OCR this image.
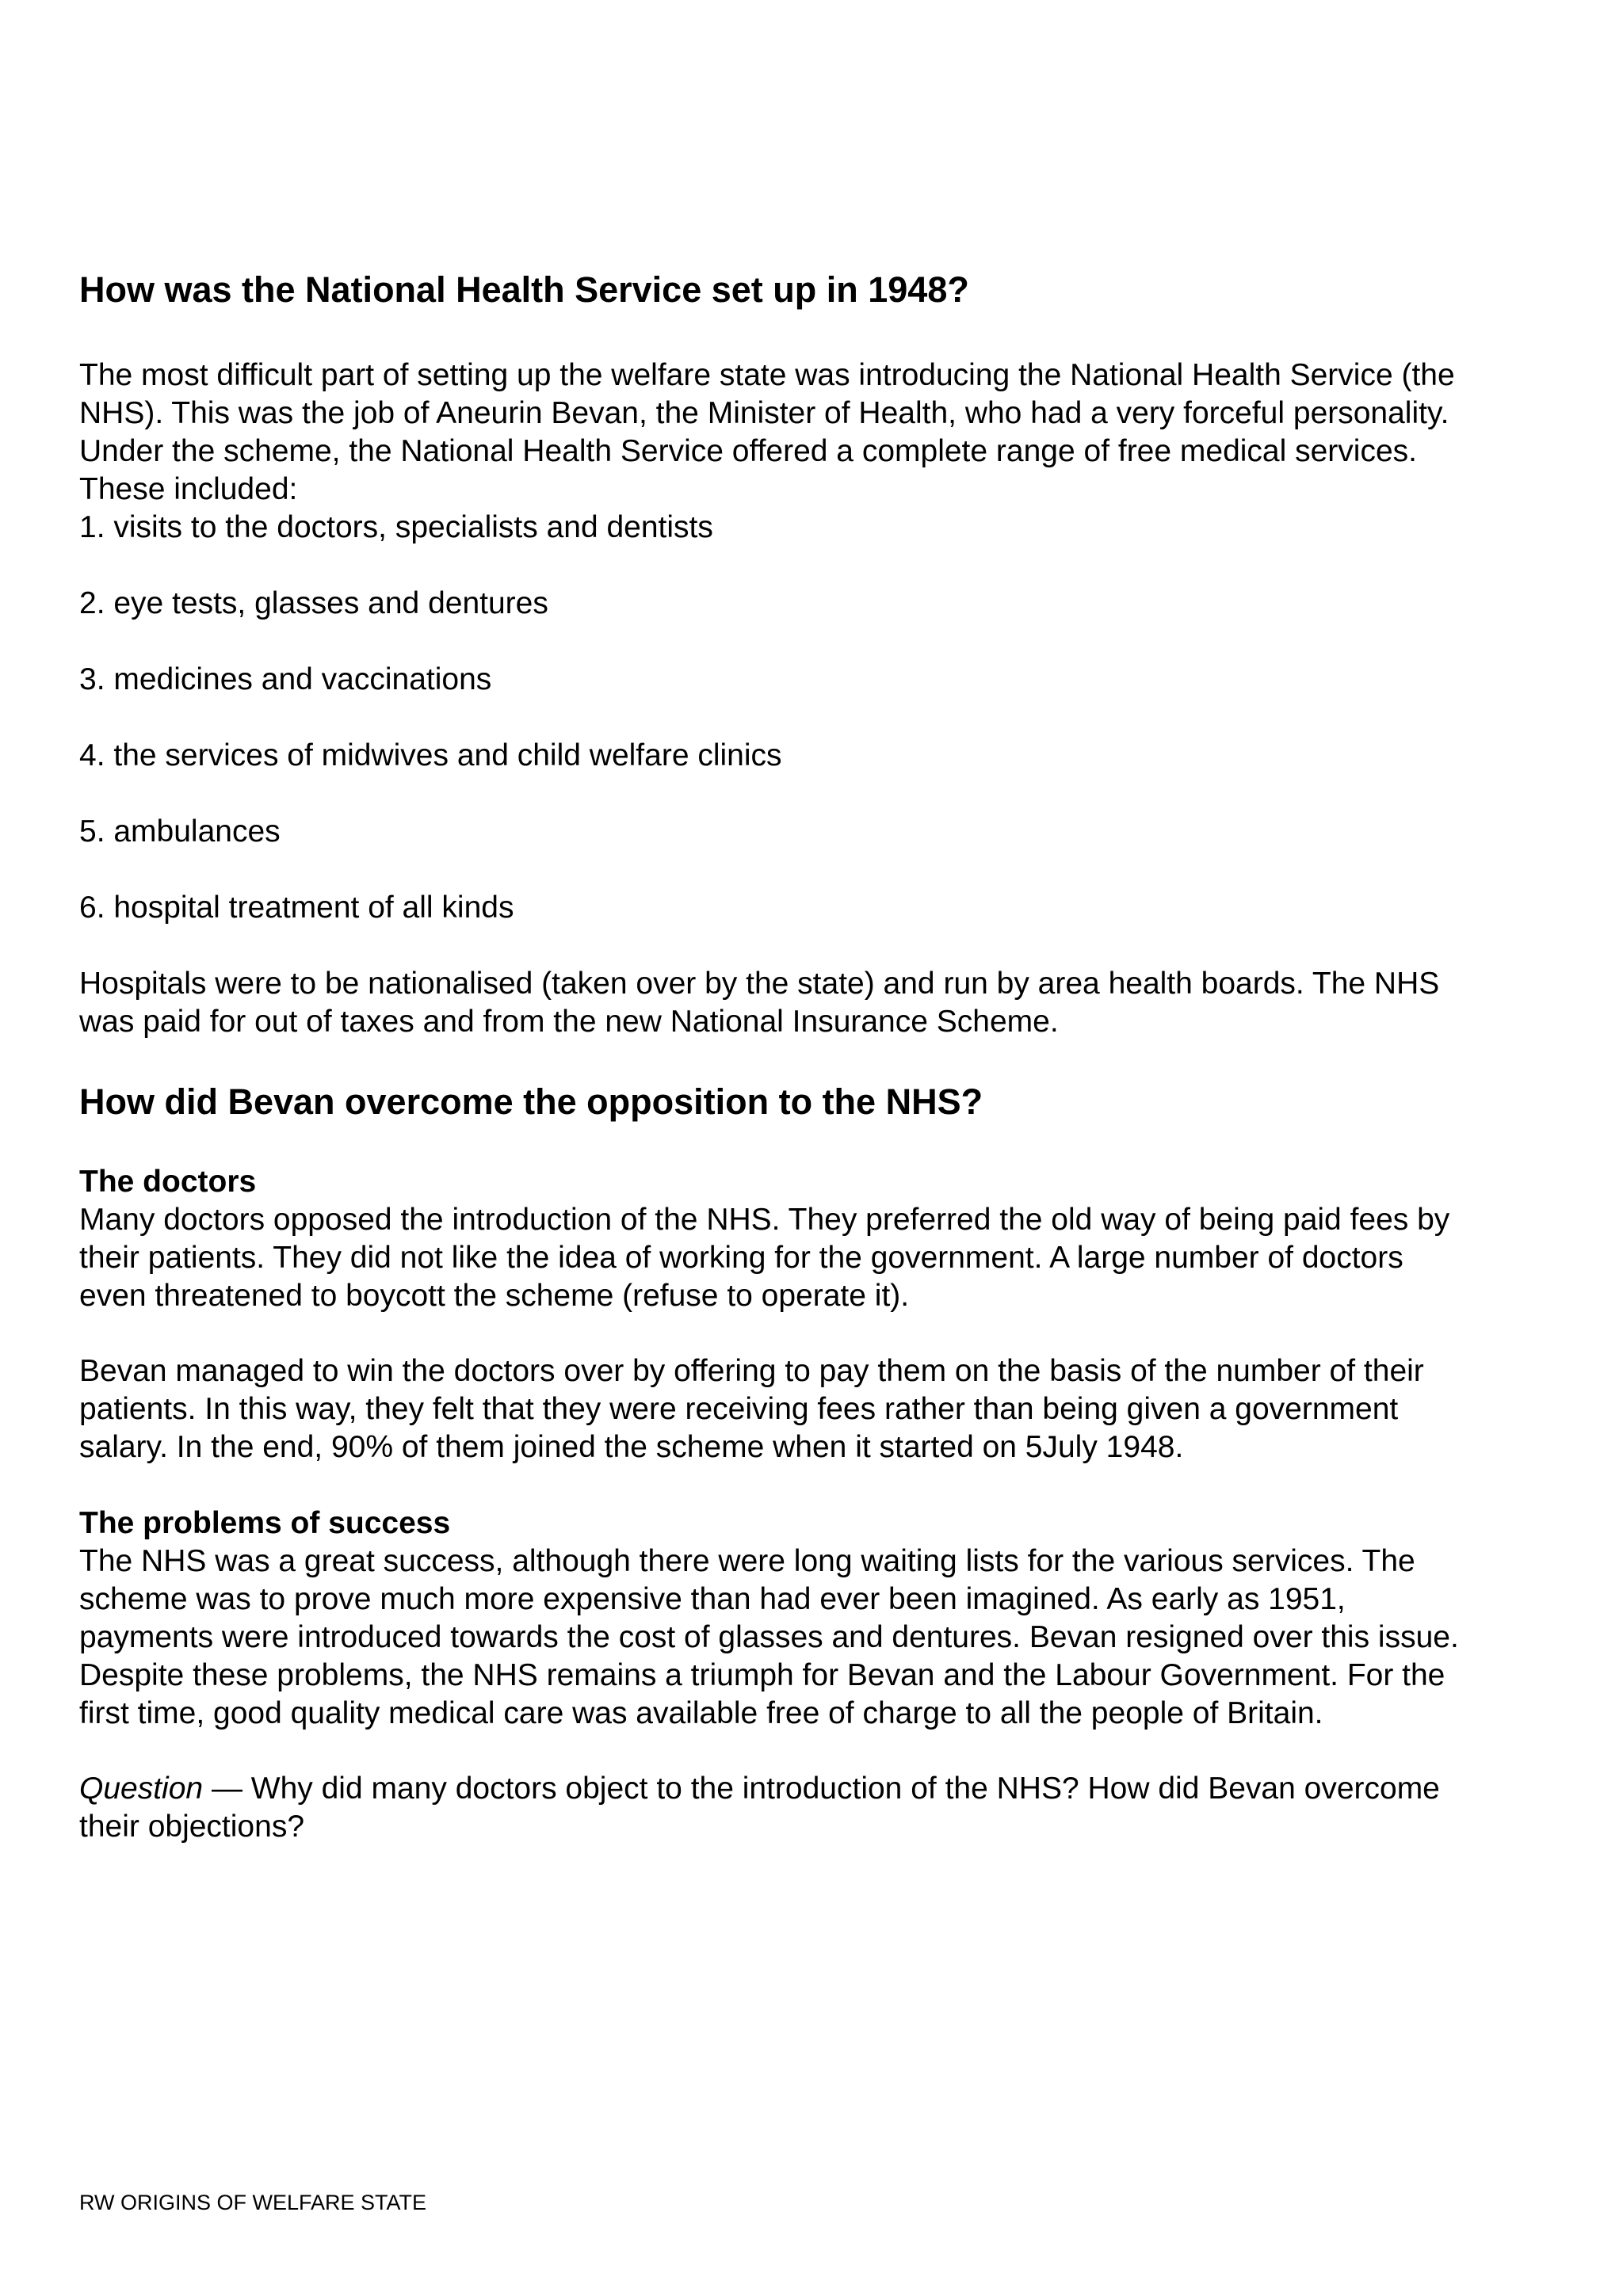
How was the National Health Service set up in 1948?
The most difficult part of setting up the welfare state was introducing the National Health Service (the
NHS). This was the job of Aneurin Bevan, the Minister of Health, who had a very forceful personality.
Under the scheme, the National Health Service offered a complete range of free medical services.
These included:
1. visits to the doctors, specialists and dentists
2. eye tests, glasses and dentures
3. medicines and vaccinations
4. the services of midwives and child welfare clinics
5. ambulances
6. hospital treatment of all kinds
Hospitals were to be nationalised (taken over by the state) and run by area health boards. The NHS
was paid for out of taxes and from the new National Insurance Scheme.
How did Bevan overcome the opposition to the NHS?
The doctors
Many doctors opposed the introduction of the NHS. They preferred the old way of being paid fees by
their patients. They did not like the idea of working for the government. A large number of doctors
even threatened to boycott the scheme (refuse to operate it).
Bevan managed to win the doctors over by offering to pay them on the basis of the number of their
patients. In this way, they felt that they were receiving fees rather than being given a government
salary. In the end, 90% of them joined the scheme when it started on 5July 1948.
The problems of success
The NHS was a great success, although there were long waiting lists for the various services. The
scheme was to prove much more expensive than had ever been imagined. As early as 1951,
payments were introduced towards the cost of glasses and dentures. Bevan resigned over this issue.
Despite these problems, the NHS remains a triumph for Bevan and the Labour Government. For the
first time, good quality medical care was available free of charge to all the people of Britain.
Question — Why did many doctors object to the introduction of the NHS? How did Bevan overcome
their objections?
RW ORIGINS OF WELFARE STATE
